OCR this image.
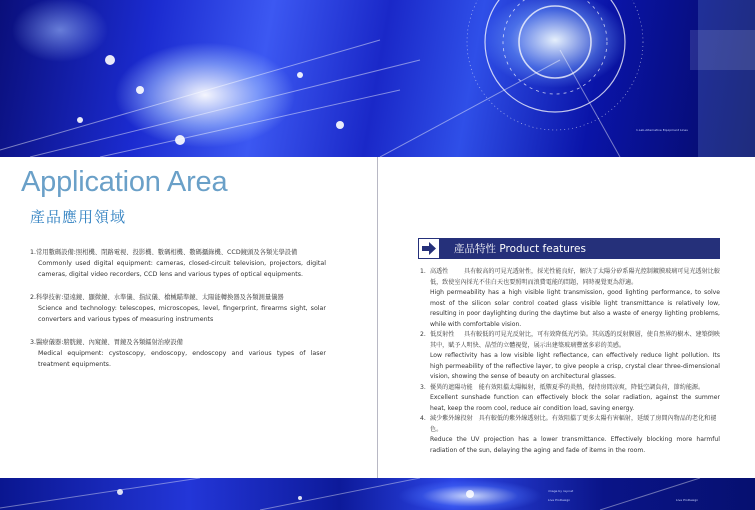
1.Lab-Alternative Equipment Lines
Application Area
產品應用領域
1.常用數碼設備:照相機、閉路電視、投影機、數碼相機、數碼攝錄機、CCD鏡頭及各類光學設備
Commonly used digital equipment: cameras, closed-circuit television, projectors, digital cameras, digital video recorders, CCD lens and various types of optical equipments.
2.科學技術:望遠鏡、顯微鏡、水準儀、指紋儀、槍械瞄準鏡、太陽能轉換器及各類測量儀器
Science and technology: telescopes, microscopes, level, fingerprint, firearms sight, solar converters and various types of measuring instruments
3.醫療儀器:膀胱鏡、內窺鏡、胃鏡及各類鐳射治療設備
Medical equipment: cystoscopy, endoscopy, endoscopy and various types of laser treatment equipments.
產品特性 Product features
1. 高透性	具有較高的可見光透射性，採光性能良好，解決了太陽分矽系陽光控制鍍膜玻璃可見光透射比較低，致使室內採光不佳白天也要照明而浪費電能的問題，同時視覺更為舒適。
High permeability has a high visible light transmission, good lighting performance, to solve most of the silicon solar control coated glass visible light transmittance is relatively low, resulting in poor daylighting during the daytime but also a waste of energy lighting problems, while with comfortable vision.
2. 低反射性 具有較低的可見光反射比，可有效降低光污染。其高透的反射膜層，使自然界的樹木、建築倒映其中，賦予人明快、晶瑩的立體視覺，展示出建築玻璃豐富多彩的美感。
Low reflectivity has a low visible light reflectance, can effectively reduce light pollution. Its high permeability of the reflective layer, to give people a crisp, crystal clear three-dimensional vision, showing the sense of beauty on architectural glasses.
3. 優異的遮陽功能 能有效阻擋太陽輻射，抵禦夏季的炎熱，保持房間涼爽，降低空調負荷，節約能源。
Excellent sunshade function can effectively block the solar radiation, against the summer heat, keep the room cool, reduce air condition load, saving energy.
4. 減少紫外線投射 具有較低的紫外線透射比。有效阻擋了更多太陽有害輻射，延緩了房間內物品的老化和褪色。
Reduce the UV projection has a lower transmittance. Effectively blocking more harmful radiation of the sun, delaying the aging and fade of items in the room.
image by ray.net
Live ProDesign	Live ProDesign
